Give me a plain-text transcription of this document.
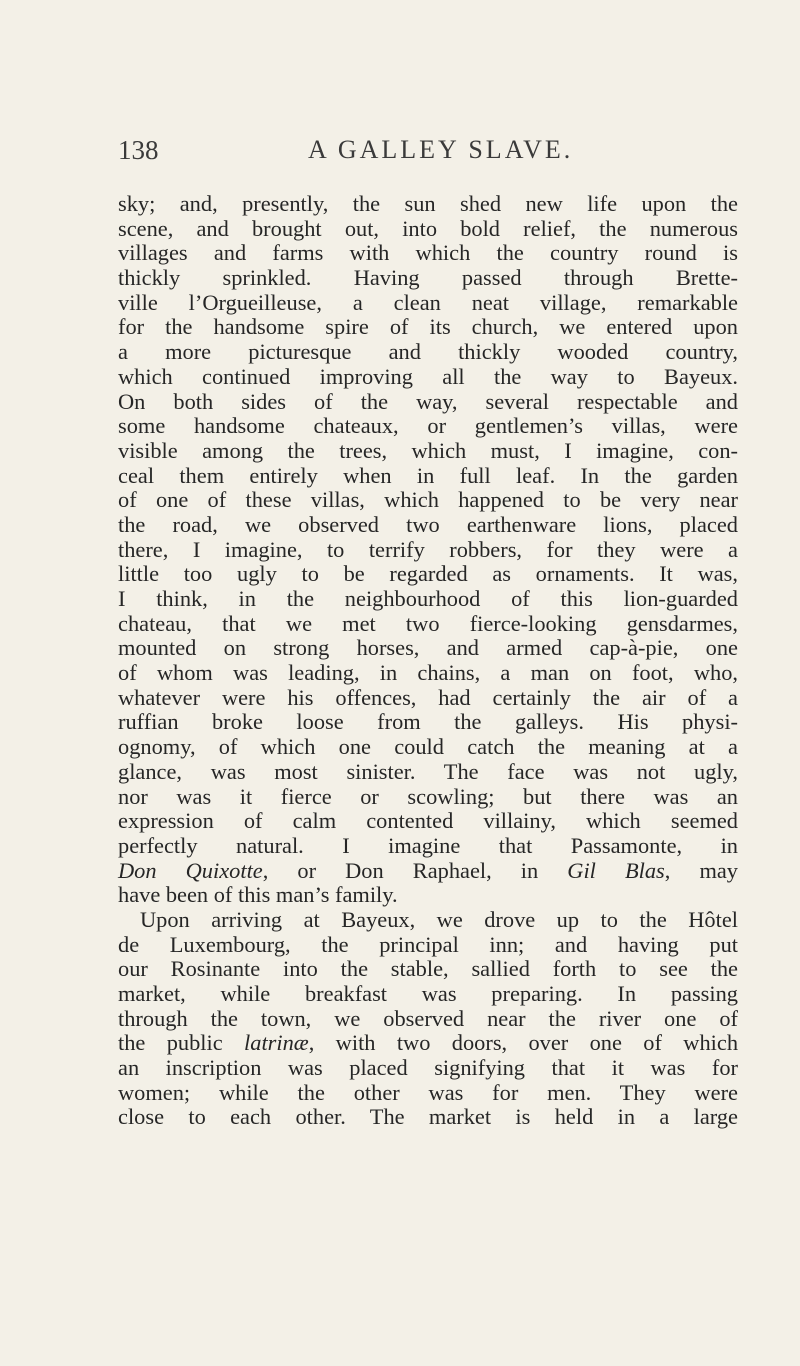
138	A GALLEY SLAVE.
sky; and, presently, the sun shed new life upon the
scene, and brought out, into bold relief, the numerous
villages and farms with which the country round is
thickly sprinkled. Having passed through Brette-
ville l’Orgueilleuse, a clean neat village, remarkable
for the handsome spire of its church, we entered upon
a more picturesque and thickly wooded country,
which continued improving all the way to Bayeux.
On both sides of the way, several respectable and
some handsome chateaux, or gentlemen’s villas, were
visible among the trees, which must, I imagine, con-
ceal them entirely when in full leaf. In the garden
of one of these villas, which happened to be very near
the road, we observed two earthenware lions, placed
there, I imagine, to terrify robbers, for they were a
little too ugly to be regarded as ornaments. It was,
I think, in the neighbourhood of this lion-guarded
chateau, that we met two fierce-looking gensdarmes,
mounted on strong horses, and armed cap-à-pie, one
of whom was leading, in chains, a man on foot, who,
whatever were his offences, had certainly the air of a
ruffian broke loose from the galleys. His physi-
ognomy, of which one could catch the meaning at a
glance, was most sinister. The face was not ugly,
nor was it fierce or scowling; but there was an
expression of calm contented villainy, which seemed
perfectly natural. I imagine that Passamonte, in
Don Quixotte, or Don Raphael, in Gil Blas, may
have been of this man’s family.
Upon arriving at Bayeux, we drove up to the Hôtel
de Luxembourg, the principal inn; and having put
our Rosinante into the stable, sallied forth to see the
market, while breakfast was preparing. In passing
through the town, we observed near the river one of
the public latrinæ, with two doors, over one of which
an inscription was placed signifying that it was for
women; while the other was for men. They were
close to each other. The market is held in a large
